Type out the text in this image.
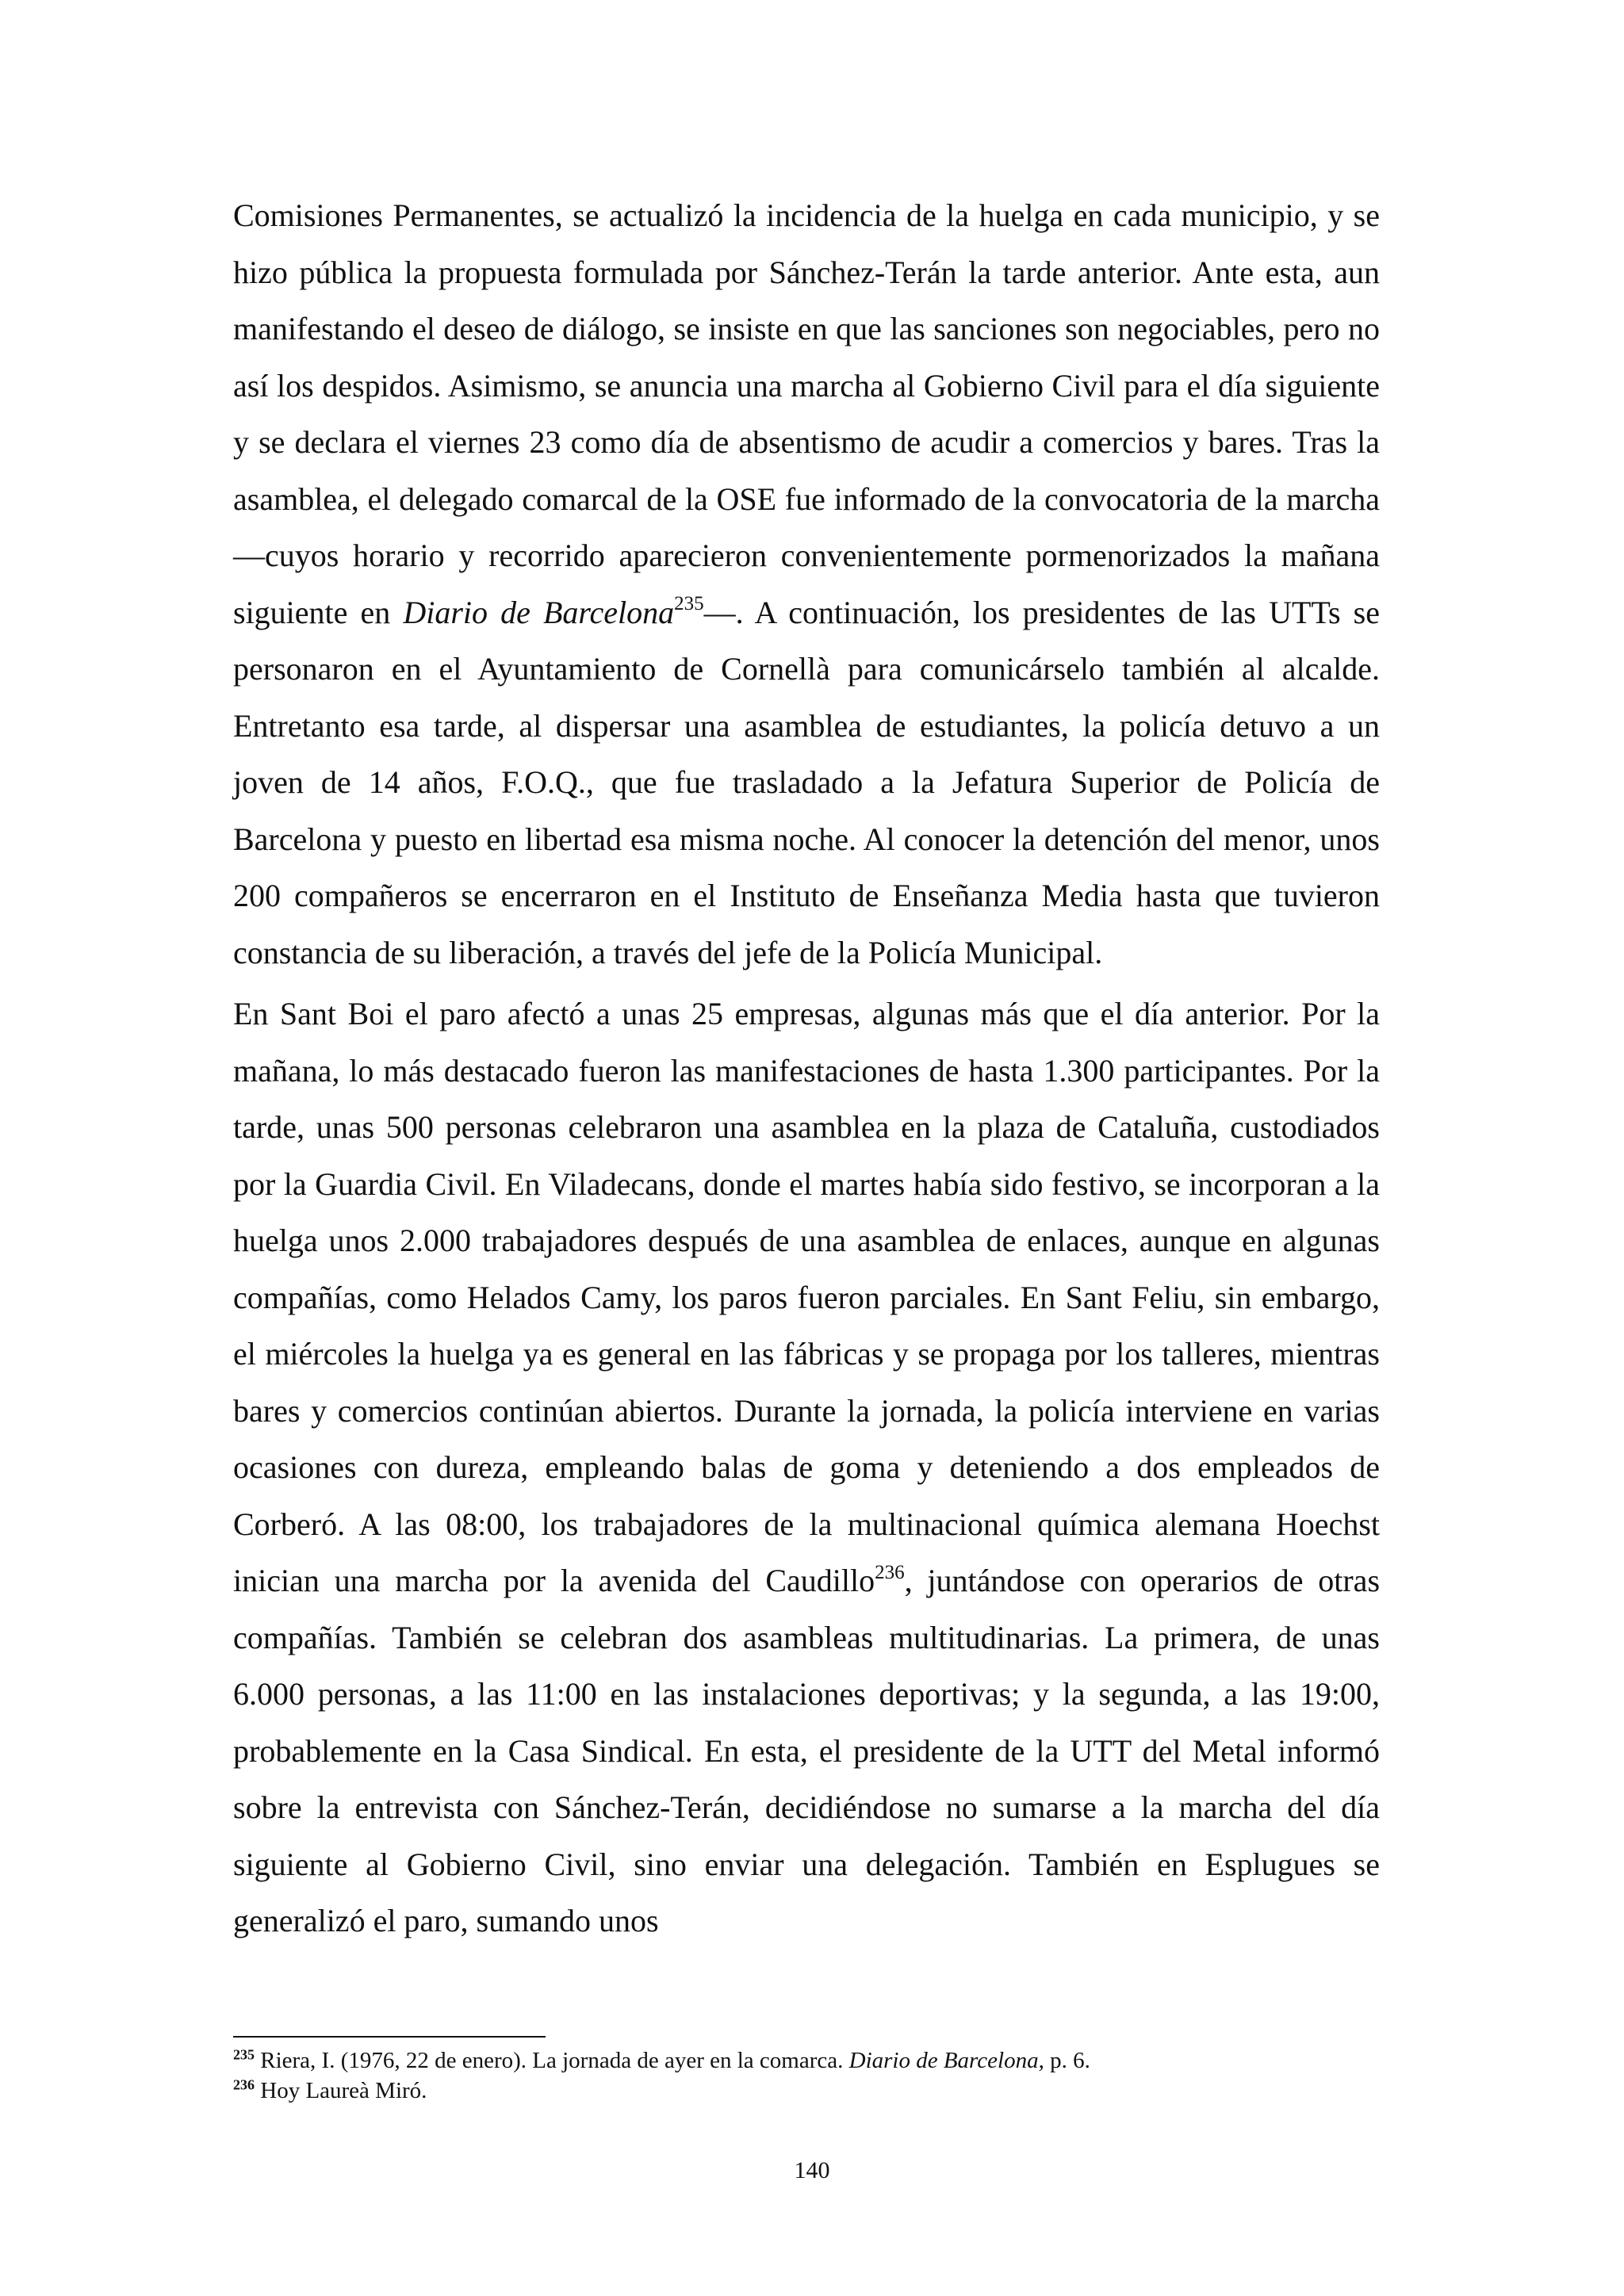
Comisiones Permanentes, se actualizó la incidencia de la huelga en cada municipio, y se hizo pública la propuesta formulada por Sánchez-Terán la tarde anterior. Ante esta, aun manifestando el deseo de diálogo, se insiste en que las sanciones son negociables, pero no así los despidos. Asimismo, se anuncia una marcha al Gobierno Civil para el día siguiente y se declara el viernes 23 como día de absentismo de acudir a comercios y bares. Tras la asamblea, el delegado comarcal de la OSE fue informado de la convocatoria de la marcha —cuyos horario y recorrido aparecieron convenientemente pormenorizados la mañana siguiente en Diario de Barcelona$^{235}$—. A continuación, los presidentes de las UTTs se personaron en el Ayuntamiento de Cornellà para comunicárselo también al alcalde. Entretanto esa tarde, al dispersar una asamblea de estudiantes, la policía detuvo a un joven de 14 años, F.O.Q., que fue trasladado a la Jefatura Superior de Policía de Barcelona y puesto en libertad esa misma noche. Al conocer la detención del menor, unos 200 compañeros se encerraron en el Instituto de Enseñanza Media hasta que tuvieron constancia de su liberación, a través del jefe de la Policía Municipal.

En Sant Boi el paro afectó a unas 25 empresas, algunas más que el día anterior. Por la mañana, lo más destacado fueron las manifestaciones de hasta 1.300 participantes. Por la tarde, unas 500 personas celebraron una asamblea en la plaza de Cataluña, custodiados por la Guardia Civil. En Viladecans, donde el martes había sido festivo, se incorporan a la huelga unos 2.000 trabajadores después de una asamblea de enlaces, aunque en algunas compañías, como Helados Camy, los paros fueron parciales. En Sant Feliu, sin embargo, el miércoles la huelga ya es general en las fábricas y se propaga por los talleres, mientras bares y comercios continúan abiertos. Durante la jornada, la policía interviene en varias ocasiones con dureza, empleando balas de goma y deteniendo a dos empleados de Corberó. A las 08:00, los trabajadores de la multinacional química alemana Hoechst inician una marcha por la avenida del Caudillo$^{236}$, juntándose con operarios de otras compañías. También se celebran dos asambleas multitudinarias. La primera, de unas 6.000 personas, a las 11:00 en las instalaciones deportivas; y la segunda, a las 19:00, probablemente en la Casa Sindical. En esta, el presidente de la UTT del Metal informó sobre la entrevista con Sánchez-Terán, decidiéndose no sumarse a la marcha del día siguiente al Gobierno Civil, sino enviar una delegación. También en Esplugues se generalizó el paro, sumando unos

$^{235}$ Riera, I. (1976, 22 de enero). La jornada de ayer en la comarca. Diario de Barcelona, p. 6.

$^{236}$ Hoy Laureà Miró.

140
